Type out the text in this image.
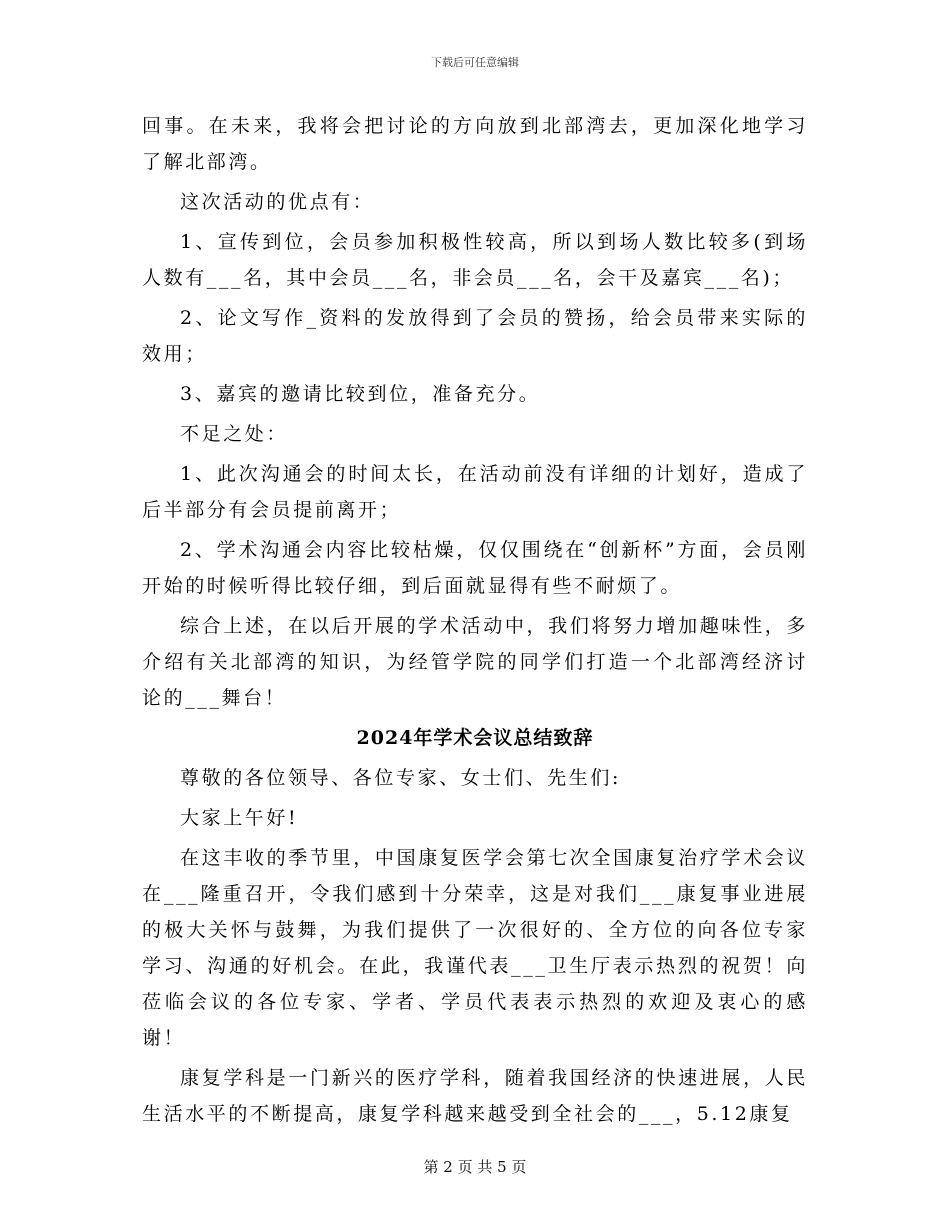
下载后可任意编辑

回事。在未来，我将会把讨论的方向放到北部湾去，更加深化地学习了解北部湾。

这次活动的优点有：

1、宣传到位，会员参加积极性较高，所以到场人数比较多(到场人数有___名，其中会员___名，非会员___名，会干及嘉宾___名)；

2、论文写作_资料的发放得到了会员的赞扬，给会员带来实际的效用；

3、嘉宾的邀请比较到位，准备充分。

不足之处：

1、此次沟通会的时间太长，在活动前没有详细的计划好，造成了后半部分有会员提前离开；

2、学术沟通会内容比较枯燥，仅仅围绕在“创新杯”方面，会员刚开始的时候听得比较仔细，到后面就显得有些不耐烦了。

综合上述，在以后开展的学术活动中，我们将努力增加趣味性，多介绍有关北部湾的知识，为经管学院的同学们打造一个北部湾经济讨论的___舞台！

2024年学术会议总结致辞

尊敬的各位领导、各位专家、女士们、先生们:

大家上午好!

在这丰收的季节里，中国康复医学会第七次全国康复治疗学术会议在___隆重召开，令我们感到十分荣幸，这是对我们___康复事业进展的极大关怀与鼓舞，为我们提供了一次很好的、全方位的向各位专家学习、沟通的好机会。在此，我谨代表___卫生厅表示热烈的祝贺！向莅临会议的各位专家、学者、学员代表表示热烈的欢迎及衷心的感谢！

康复学科是一门新兴的医疗学科，随着我国经济的快速进展，人民生活水平的不断提高，康复学科越来越受到全社会的___，5.12康复

第 2 页 共 5 页
